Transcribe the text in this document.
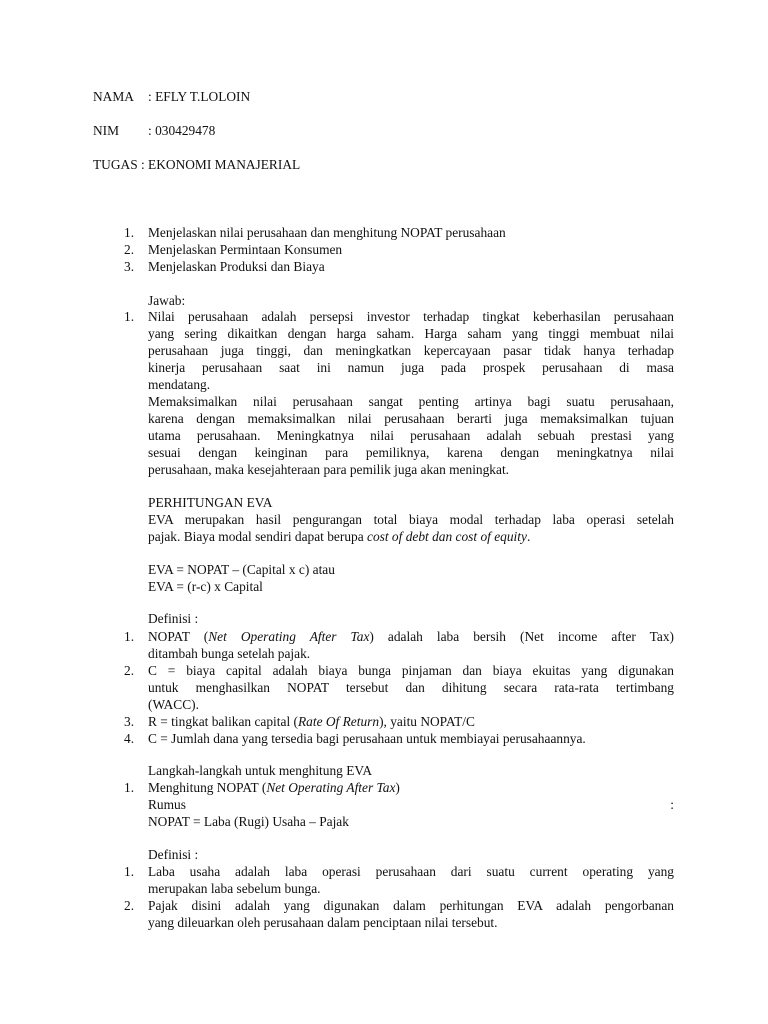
NAMA : EFLY T.LOLOIN
NIM : 030429478
TUGAS : EKONOMI MANAJERIAL
1.	Menjelaskan nilai perusahaan dan menghitung NOPAT perusahaan
2.	Menjelaskan Permintaan Konsumen
3.	Menjelaskan Produksi dan Biaya
Jawab:
1.	Nilai perusahaan adalah persepsi investor terhadap tingkat keberhasilan perusahaan
yang sering dikaitkan dengan harga saham. Harga saham yang tinggi membuat nilai
perusahaan juga tinggi, dan meningkatkan kepercayaan pasar tidak hanya terhadap
kinerja perusahaan saat ini namun juga pada prospek perusahaan di masa
mendatang.
Memaksimalkan nilai perusahaan sangat penting artinya bagi suatu perusahaan,
karena dengan memaksimalkan nilai perusahaan berarti juga memaksimalkan tujuan
utama perusahaan. Meningkatnya nilai perusahaan adalah sebuah prestasi yang
sesuai dengan keinginan para pemiliknya, karena dengan meningkatnya nilai
perusahaan, maka kesejahteraan para pemilik juga akan meningkat.
PERHITUNGAN EVA
EVA merupakan hasil pengurangan total biaya modal terhadap laba operasi setelah
pajak. Biaya modal sendiri dapat berupa cost of debt dan cost of equity.
EVA = NOPAT – (Capital x c) atau
EVA = (r-c) x Capital
Definisi :
1.	NOPAT (Net Operating After Tax) adalah laba bersih (Net income after Tax)
ditambah bunga setelah pajak.
2.	C = biaya capital adalah biaya bunga pinjaman dan biaya ekuitas yang digunakan
untuk menghasilkan NOPAT tersebut dan dihitung secara rata-rata tertimbang
(WACC).
3.	R = tingkat balikan capital (Rate Of Return), yaitu NOPAT/C
4.	C = Jumlah dana yang tersedia bagi perusahaan untuk membiayai perusahaannya.
Langkah-langkah untuk menghitung EVA
1.	Menghitung NOPAT (Net Operating After Tax)
Rumus	:
NOPAT = Laba (Rugi) Usaha – Pajak
Definisi :
1.	Laba usaha adalah laba operasi perusahaan dari suatu current operating yang
merupakan laba sebelum bunga.
2.	Pajak disini adalah yang digunakan dalam perhitungan EVA adalah pengorbanan
yang dileuarkan oleh perusahaan dalam penciptaan nilai tersebut.
